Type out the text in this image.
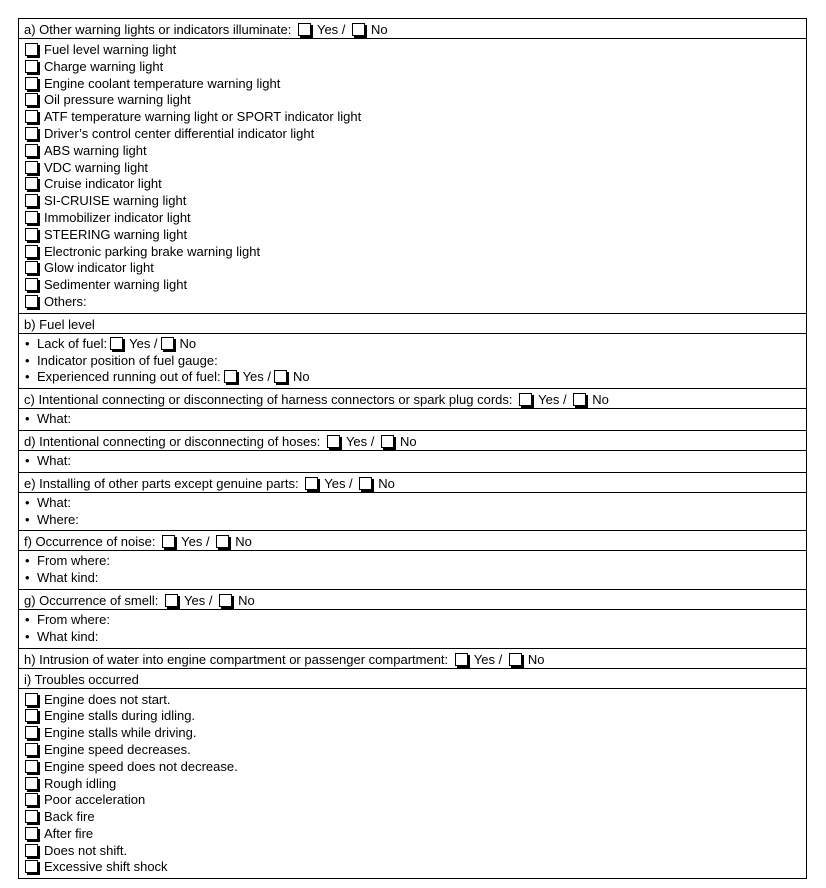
a) Other warning lights or indicators illuminate: Yes / No
Fuel level warning light
Charge warning light
Engine coolant temperature warning light
Oil pressure warning light
ATF temperature warning light or SPORT indicator light
Driver’s control center differential indicator light
ABS warning light
VDC warning light
Cruise indicator light
SI-CRUISE warning light
Immobilizer indicator light
STEERING warning light
Electronic parking brake warning light
Glow indicator light
Sedimenter warning light
Others:
b) Fuel level
• Lack of fuel: Yes / No
• Indicator position of fuel gauge:
• Experienced running out of fuel: Yes / No
c) Intentional connecting or disconnecting of harness connectors or spark plug cords: Yes / No
• What:
d) Intentional connecting or disconnecting of hoses: Yes / No
• What:
e) Installing of other parts except genuine parts: Yes / No
• What:
• Where:
f) Occurrence of noise: Yes / No
• From where:
• What kind:
g) Occurrence of smell: Yes / No
• From where:
• What kind:
h) Intrusion of water into engine compartment or passenger compartment: Yes / No
i) Troubles occurred
Engine does not start.
Engine stalls during idling.
Engine stalls while driving.
Engine speed decreases.
Engine speed does not decrease.
Rough idling
Poor acceleration
Back fire
After fire
Does not shift.
Excessive shift shock
